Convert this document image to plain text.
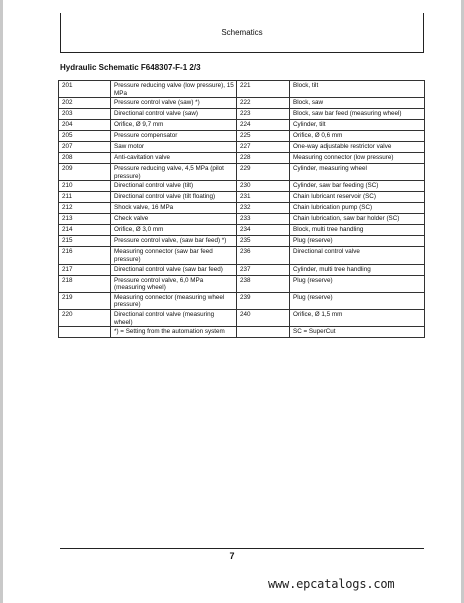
Schematics
Hydraulic Schematic F648307-F-1 2/3
201	Pressure reducing valve (low pressure), 15 MPa	221	Block, tilt
202	Pressure control valve (saw) *)	222	Block, saw
203	Directional control valve (saw)	223	Block, saw bar feed (measuring wheel)
204	Orifice, Ø 9,7 mm	224	Cylinder, tilt
205	Pressure compensator	225	Orifice, Ø 0,6 mm
207	Saw motor	227	One-way adjustable restrictor valve
208	Anti-cavitation valve	228	Measuring connector (low pressure)
209	Pressure reducing valve, 4,5 MPa (pilot pressure)	229	Cylinder, measuring wheel
210	Directional control valve (tilt)	230	Cylinder, saw bar feeding (SC)
211	Directional control valve (tilt floating)	231	Chain lubricant reservoir (SC)
212	Shock valve, 16 MPa	232	Chain lubrication pump (SC)
213	Check valve	233	Chain lubrication, saw bar holder (SC)
214	Orifice, Ø 3,0 mm	234	Block, multi tree handling
215	Pressure control valve, (saw bar feed) *)	235	Plug (reserve)
216	Measuring connector (saw bar feed pressure)	236	Directional control valve
217	Directional control valve (saw bar feed)	237	Cylinder, multi tree handling
218	Pressure control valve, 6,0 MPa (measuring wheel)	238	Plug (reserve)
219	Measuring connector (measuring wheel pressure)	239	Plug (reserve)
220	Directional control valve (measuring wheel)	240	Orifice, Ø 1,5 mm
	*) = Setting from the automation system		SC = SuperCut
7
www.epcatalogs.com
